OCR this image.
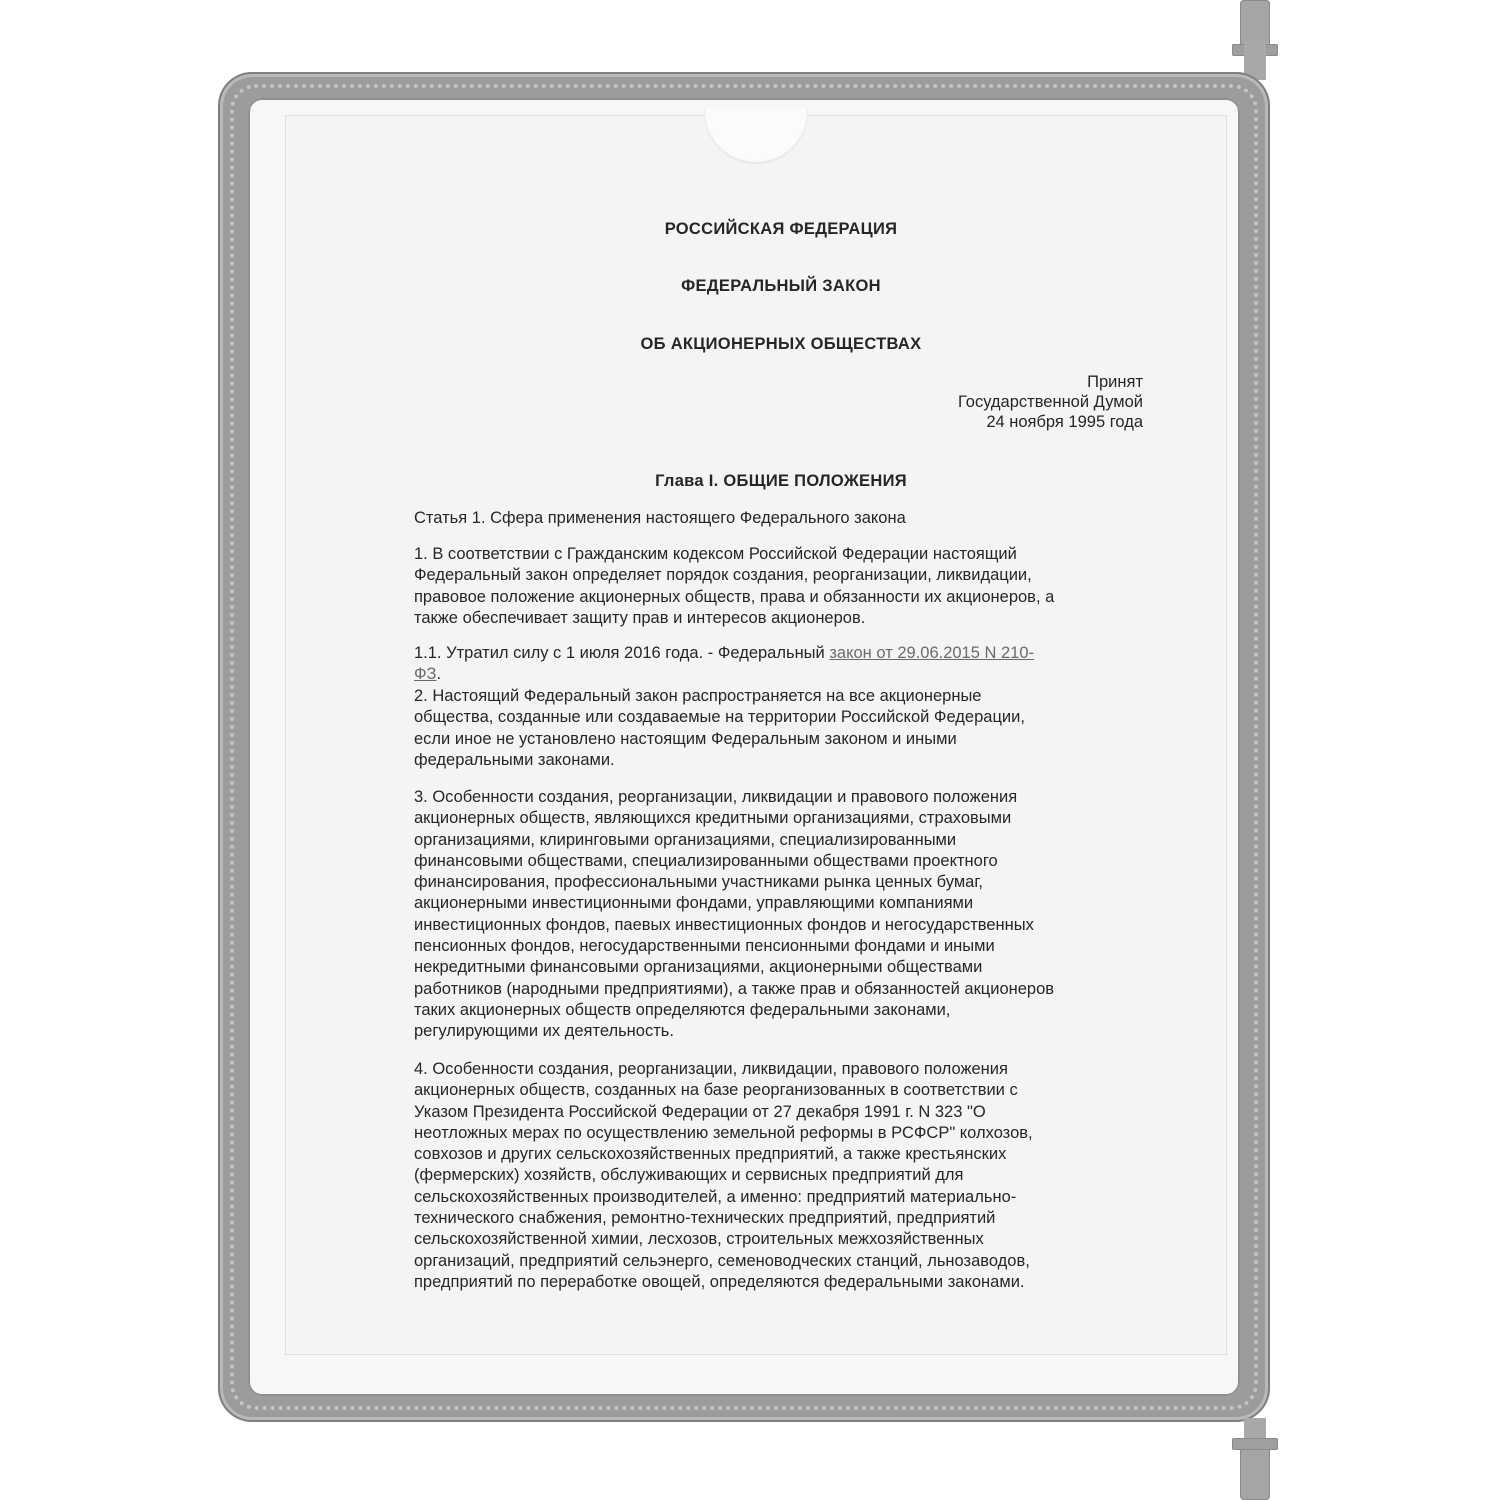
РОССИЙСКАЯ ФЕДЕРАЦИЯ
ФЕДЕРАЛЬНЫЙ ЗАКОН
ОБ АКЦИОНЕРНЫХ ОБЩЕСТВАХ
Принят
Государственной Думой
24 ноября 1995 года
Глава I. ОБЩИЕ ПОЛОЖЕНИЯ

Статья 1. Сфера применения настоящего Федерального закона

1. В соответствии с Гражданским кодексом Российской Федерации настоящий
Федеральный закон определяет порядок создания, реорганизации, ликвидации,
правовое положение акционерных обществ, права и обязанности их акционеров, а
также обеспечивает защиту прав и интересов акционеров.

1.1. Утратил силу с 1 июля 2016 года. - Федеральный закон от 29.06.2015 N 210-
ФЗ.

2. Настоящий Федеральный закон распространяется на все акционерные
общества, созданные или создаваемые на территории Российской Федерации,
если иное не установлено настоящим Федеральным законом и иными
федеральными законами.

3. Особенности создания, реорганизации, ликвидации и правового положения
акционерных обществ, являющихся кредитными организациями, страховыми
организациями, клиринговыми организациями, специализированными
финансовыми обществами, специализированными обществами проектного
финансирования, профессиональными участниками рынка ценных бумаг,
акционерными инвестиционными фондами, управляющими компаниями
инвестиционных фондов, паевых инвестиционных фондов и негосударственных
пенсионных фондов, негосударственными пенсионными фондами и иными
некредитными финансовыми организациями, акционерными обществами
работников (народными предприятиями), а также прав и обязанностей акционеров
таких акционерных обществ определяются федеральными законами,
регулирующими их деятельность.

4. Особенности создания, реорганизации, ликвидации, правового положения
акционерных обществ, созданных на базе реорганизованных в соответствии с
Указом Президента Российской Федерации от 27 декабря 1991 г. N 323 "О
неотложных мерах по осуществлению земельной реформы в РСФСР" колхозов,
совхозов и других сельскохозяйственных предприятий, а также крестьянских
(фермерских) хозяйств, обслуживающих и сервисных предприятий для
сельскохозяйственных производителей, а именно: предприятий материально-
технического снабжения, ремонтно-технических предприятий, предприятий
сельскохозяйственной химии, лесхозов, строительных межхозяйственных
организаций, предприятий сельэнерго, семеноводческих станций, льнозаводов,
предприятий по переработке овощей, определяются федеральными законами.
